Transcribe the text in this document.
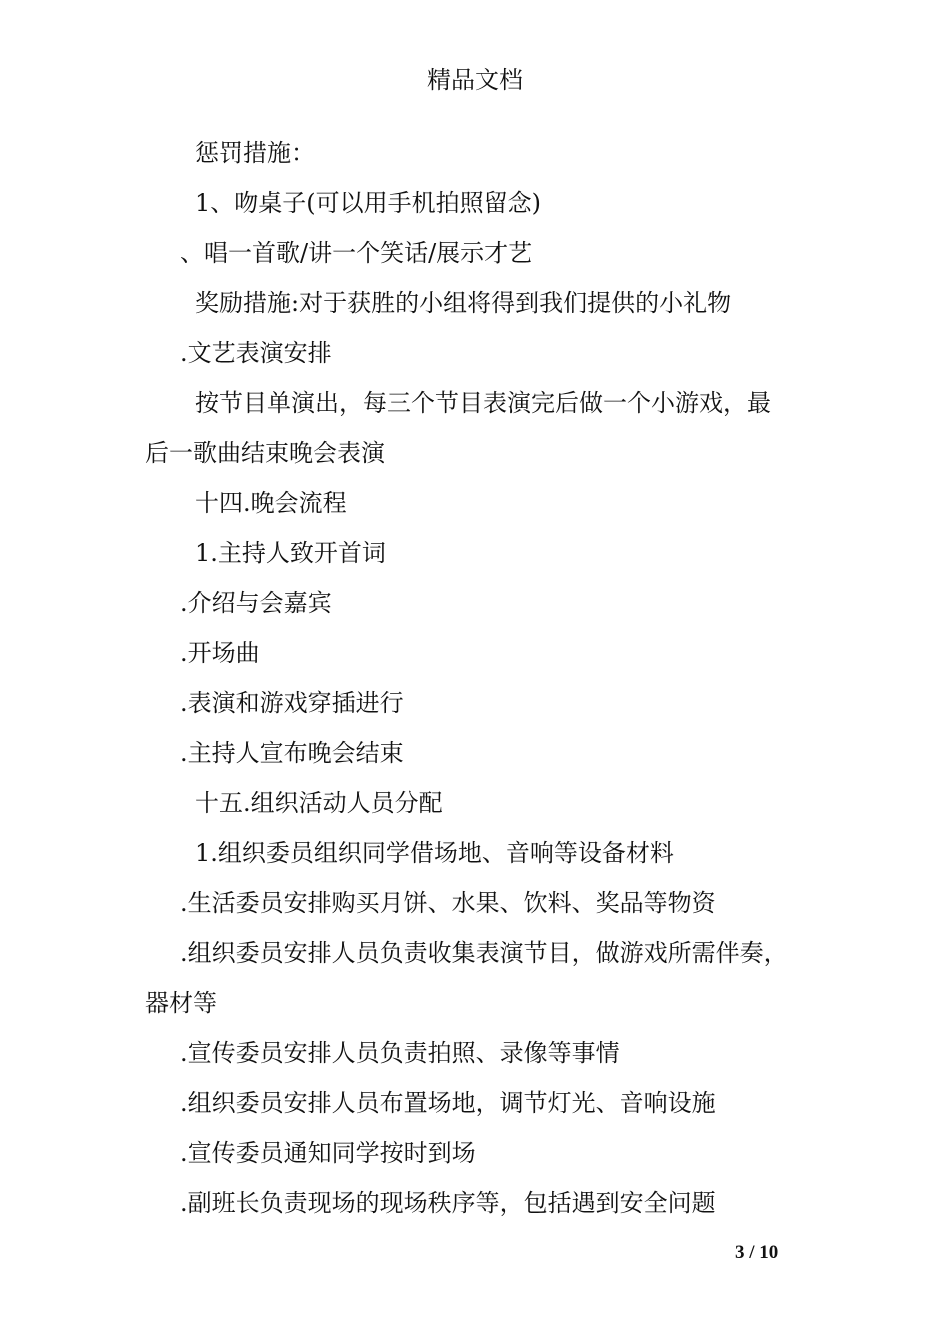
精品文档
惩罚措施：
1、吻桌子(可以用手机拍照留念)
、唱一首歌/讲一个笑话/展示才艺
奖励措施:对于获胜的小组将得到我们提供的小礼物
.文艺表演安排
按节目单演出，每三个节目表演完后做一个小游戏，最
后一歌曲结束晚会表演
十四.晚会流程
1.主持人致开首词
.介绍与会嘉宾
.开场曲
.表演和游戏穿插进行
.主持人宣布晚会结束
十五.组织活动人员分配
1.组织委员组织同学借场地、音响等设备材料
.生活委员安排购买月饼、水果、饮料、奖品等物资
.组织委员安排人员负责收集表演节目，做游戏所需伴奏，
器材等
.宣传委员安排人员负责拍照、录像等事情
.组织委员安排人员布置场地，调节灯光、音响设施
.宣传委员通知同学按时到场
.副班长负责现场的现场秩序等，包括遇到安全问题
3 / 10
